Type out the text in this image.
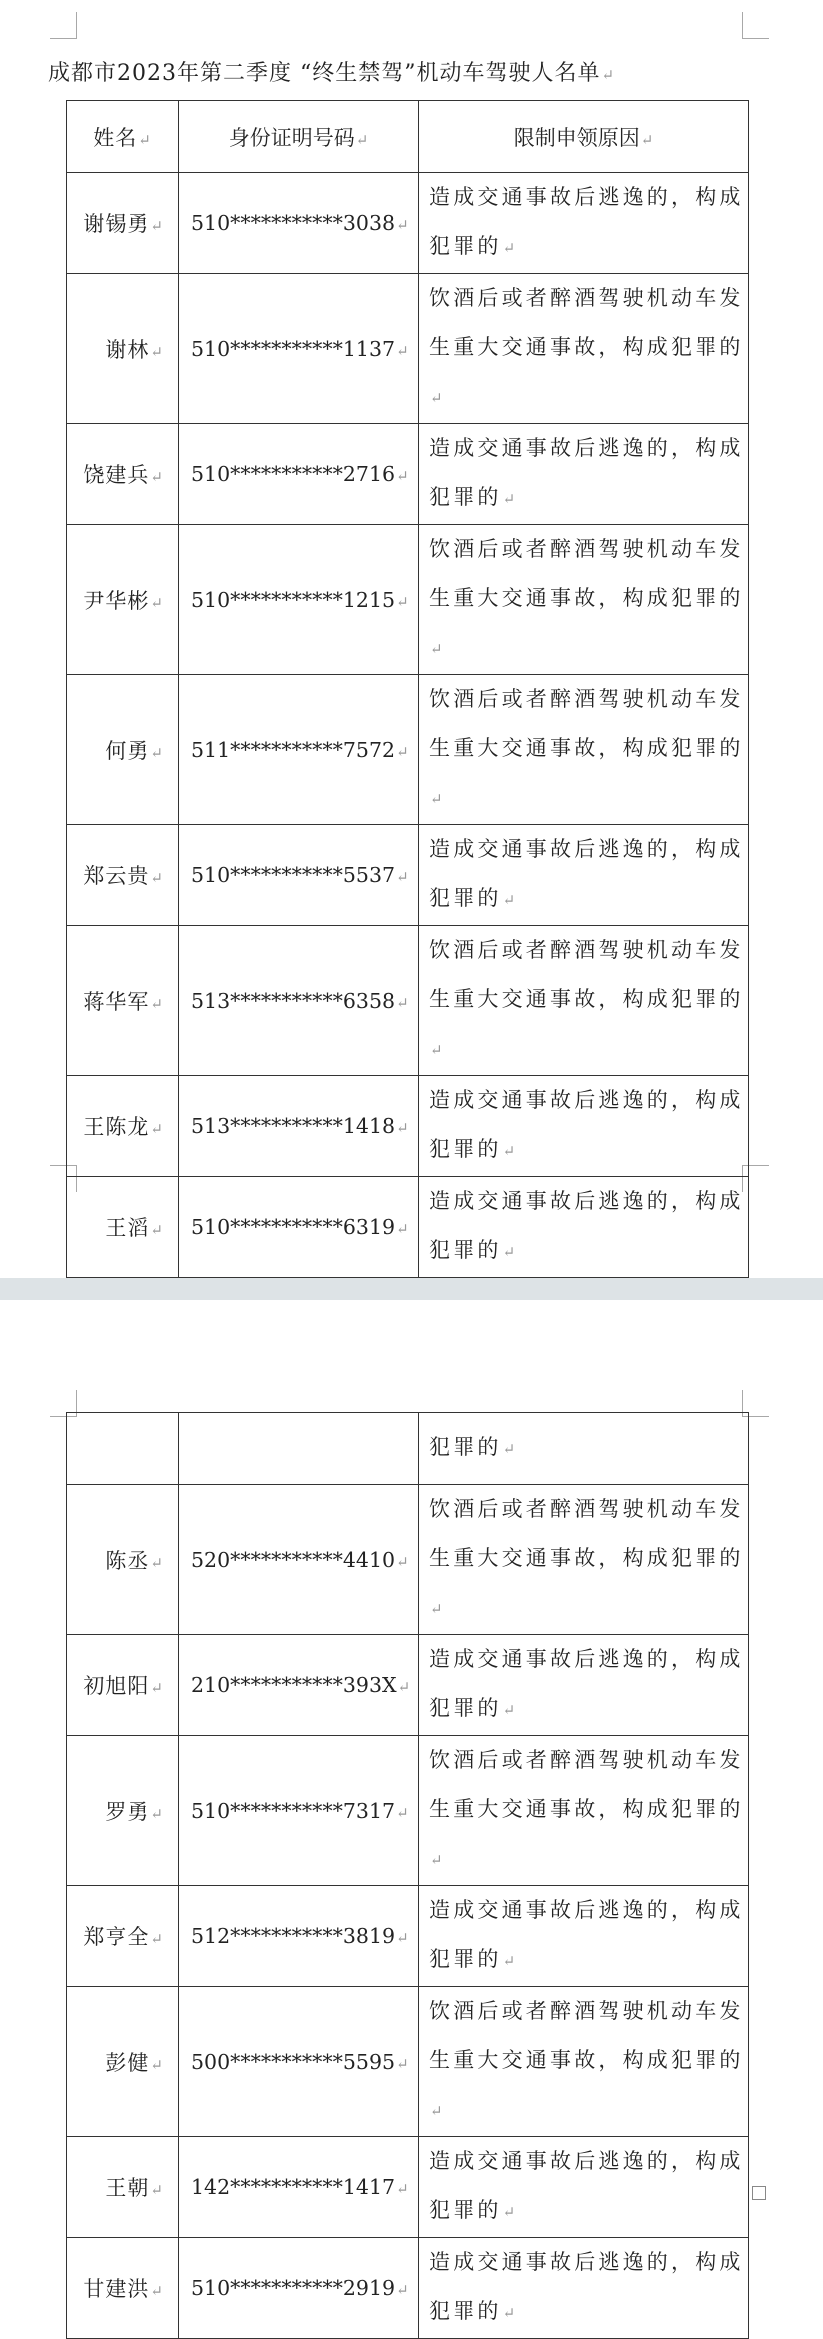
成都市2023年第二季度 “终生禁驾”机动车驾驶人名单↵
姓名↵	身份证明号码↵	限制申领原因↵
谢锡勇↵	510***********3038↵	造成交通事故后逃逸的，构成犯罪的↵
谢林↵	510***********1137↵	饮酒后或者醉酒驾驶机动车发生重大交通事故，构成犯罪的↵
饶建兵↵	510***********2716↵	造成交通事故后逃逸的，构成犯罪的↵
尹华彬↵	510***********1215↵	饮酒后或者醉酒驾驶机动车发生重大交通事故，构成犯罪的↵
何勇↵	511***********7572↵	饮酒后或者醉酒驾驶机动车发生重大交通事故，构成犯罪的↵
郑云贵↵	510***********5537↵	造成交通事故后逃逸的，构成犯罪的↵
蒋华军↵	513***********6358↵	饮酒后或者醉酒驾驶机动车发生重大交通事故，构成犯罪的↵
王陈龙↵	513***********1418↵	造成交通事故后逃逸的，构成犯罪的↵
王滔↵	510***********6319↵	造成交通事故后逃逸的，构成犯罪的↵

		犯罪的↵
陈丞↵	520***********4410↵	饮酒后或者醉酒驾驶机动车发生重大交通事故，构成犯罪的↵
初旭阳↵	210***********393X↵	造成交通事故后逃逸的，构成犯罪的↵
罗勇↵	510***********7317↵	饮酒后或者醉酒驾驶机动车发生重大交通事故，构成犯罪的↵
郑亨全↵	512***********3819↵	造成交通事故后逃逸的，构成犯罪的↵
彭健↵	500***********5595↵	饮酒后或者醉酒驾驶机动车发生重大交通事故，构成犯罪的↵
王朝↵	142***********1417↵	造成交通事故后逃逸的，构成犯罪的↵
甘建洪↵	510***********2919↵	造成交通事故后逃逸的，构成犯罪的↵
